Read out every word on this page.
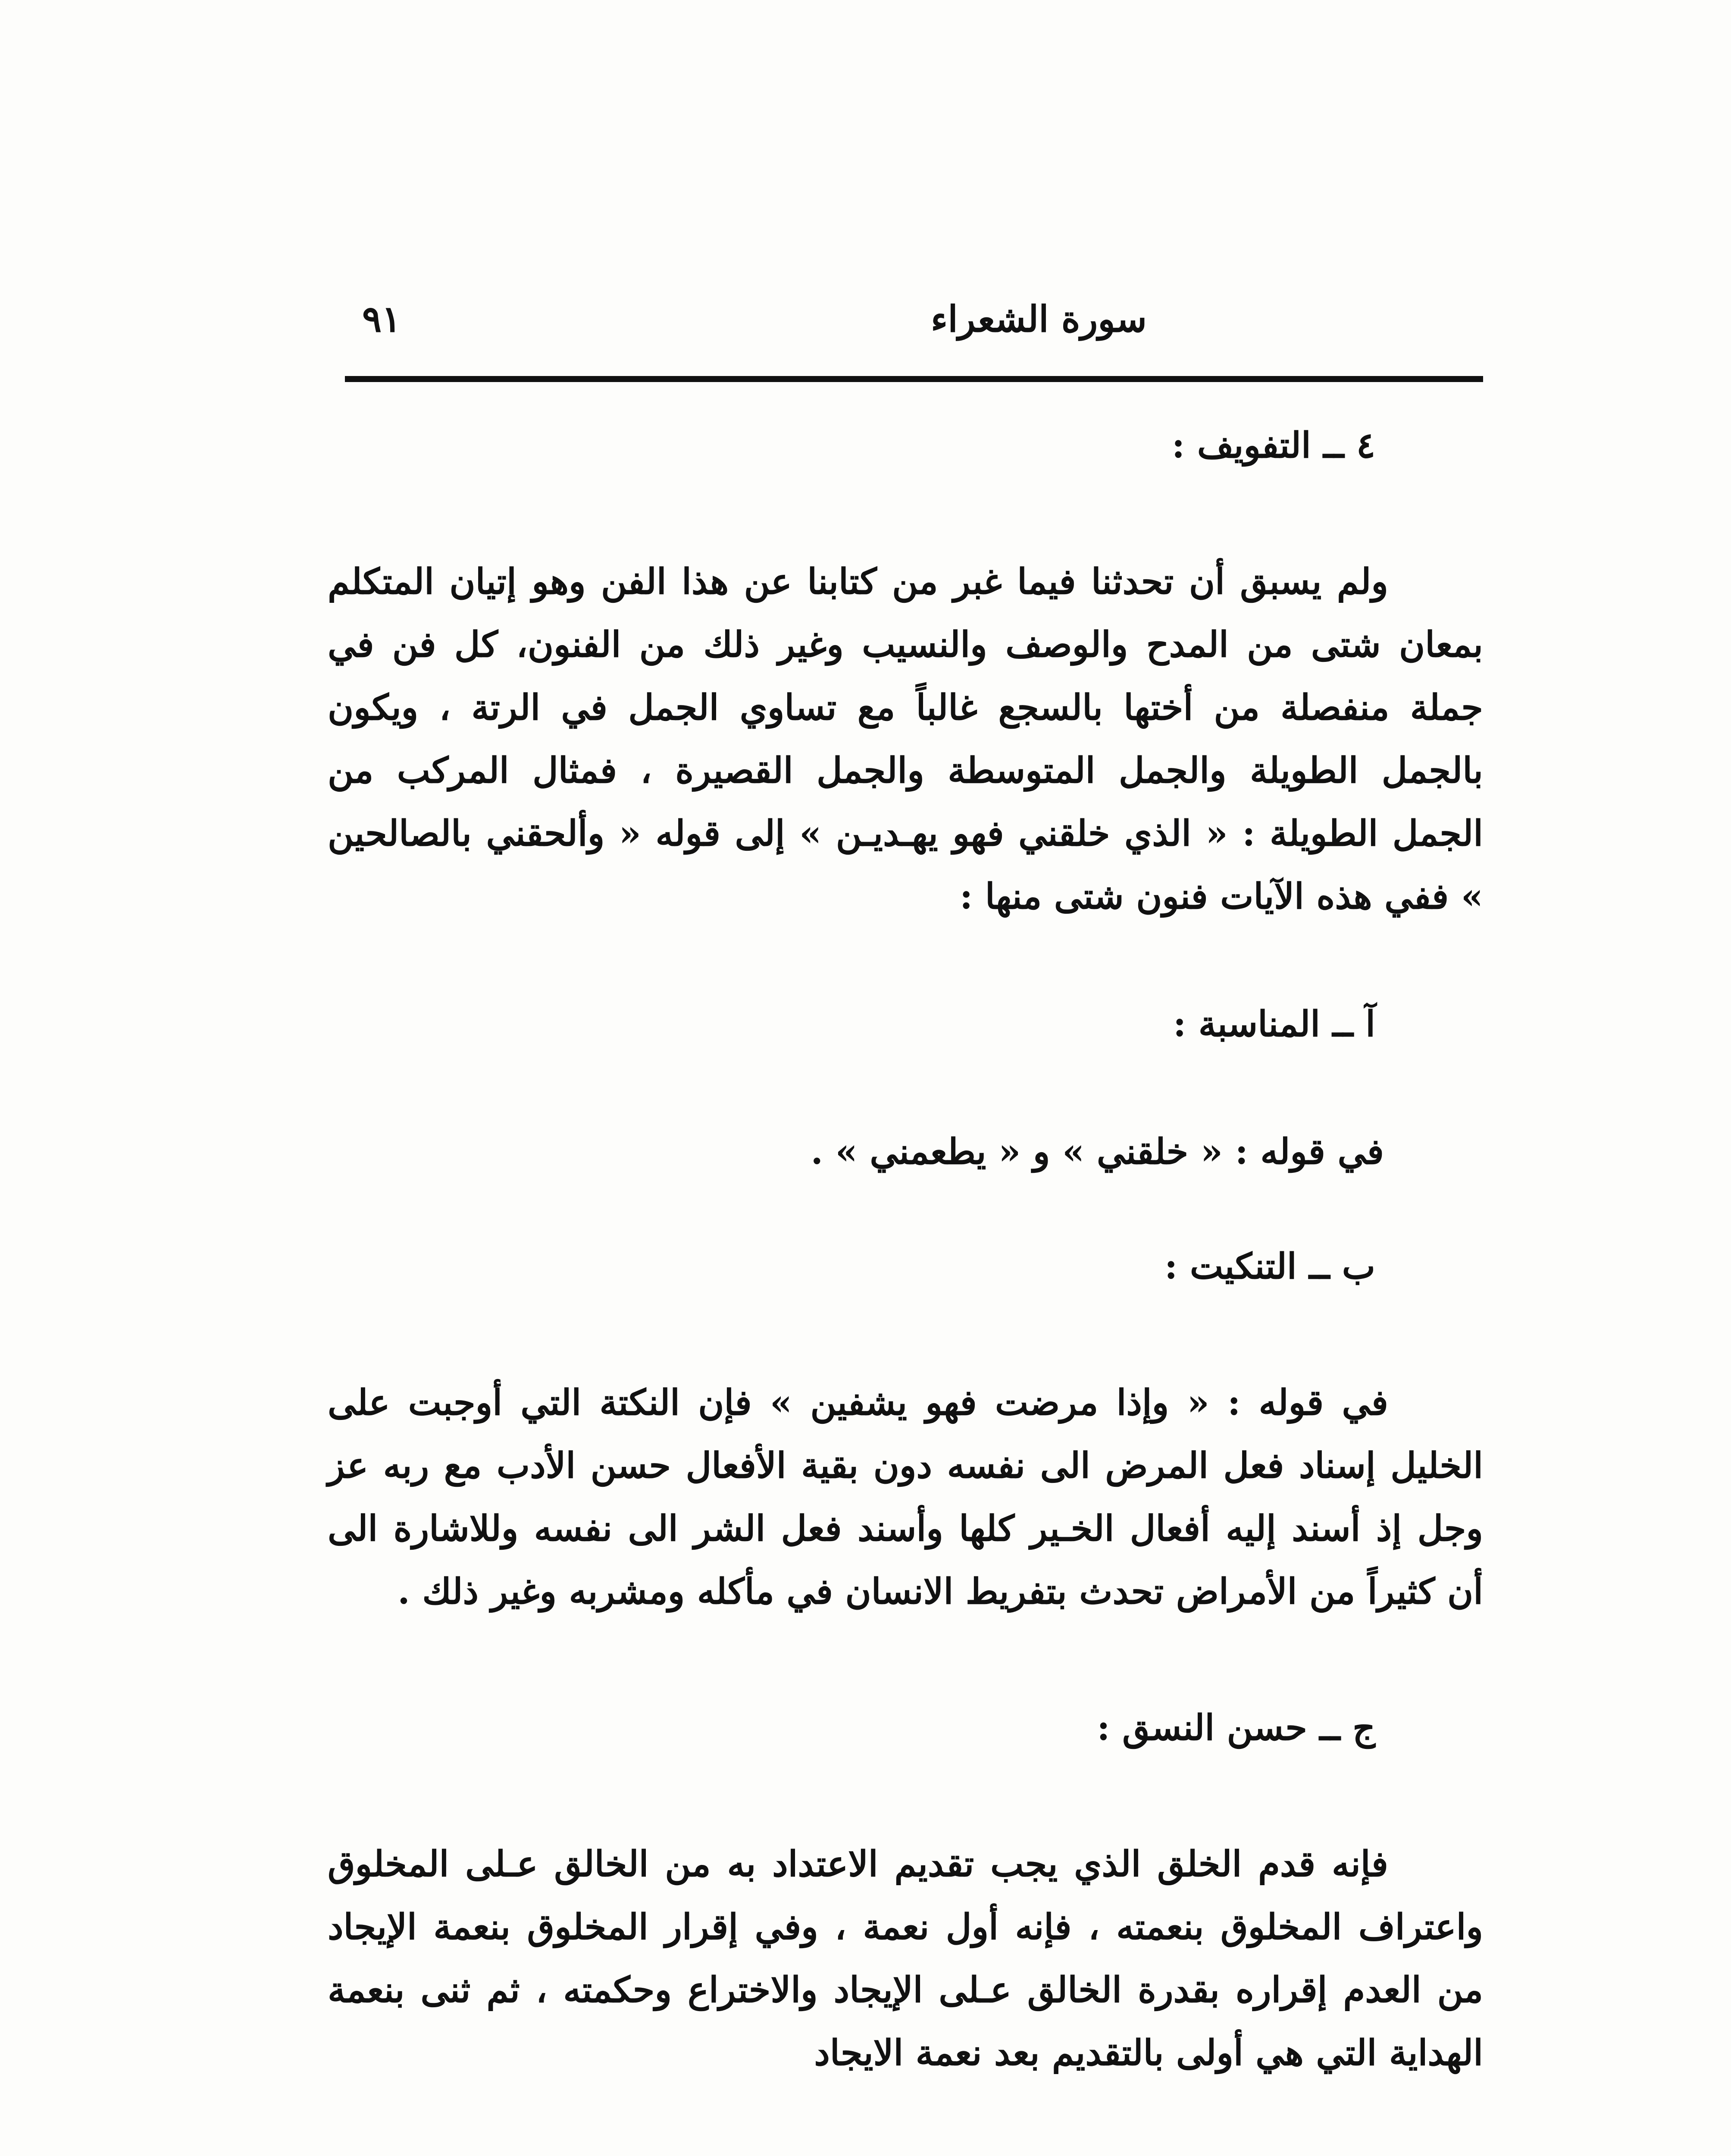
سورة الشعراء
٩١

٤ ــ التفويف :

ولم يسبق أن تحدثنا فيما غبر من كتابنا عن هذا الفن وهو إتيان المتكلم بمعان شتى من المدح والوصف والنسيب وغير ذلك من الفنون، كل فن في جملة منفصلة من أختها بالسجع غالباً مع تساوي الجمل في الرتة ، ويكون بالجمل الطويلة والجمل المتوسطة والجمل القصيرة ، فمثال المركب من الجمل الطويلة : « الذي خلقني فهو يهـديـن » إلى قوله « وألحقني بالصالحين » ففي هذه الآيات فنون شتى منها :

آ ــ المناسبة :

في قوله : « خلقني » و « يطعمني » .

ب ــ التنكيت :

في قوله : « وإذا مرضت فهو يشفين » فإن النكتة التي أوجبت على الخليل إسناد فعل المرض الى نفسه دون بقية الأفعال حسن الأدب مع ربه عز وجل إذ أسند إليه أفعال الخـير كلها وأسند فعل الشر الى نفسه وللاشارة الى أن كثيراً من الأمراض تحدث بتفريط الانسان في مأكله ومشربه وغير ذلك .

ج ــ حسن النسق :

فإنه قدم الخلق الذي يجب تقديم الاعتداد به من الخالق عـلى المخلوق واعتراف المخلوق بنعمته ، فإنه أول نعمة ، وفي إقرار المخلوق بنعمة الإيجاد من العدم إقراره بقدرة الخالق عـلى الإيجاد والاختراع وحكمته ، ثم ثنى بنعمة الهداية التي هي أولى بالتقديم بعد نعمة الايجاد
